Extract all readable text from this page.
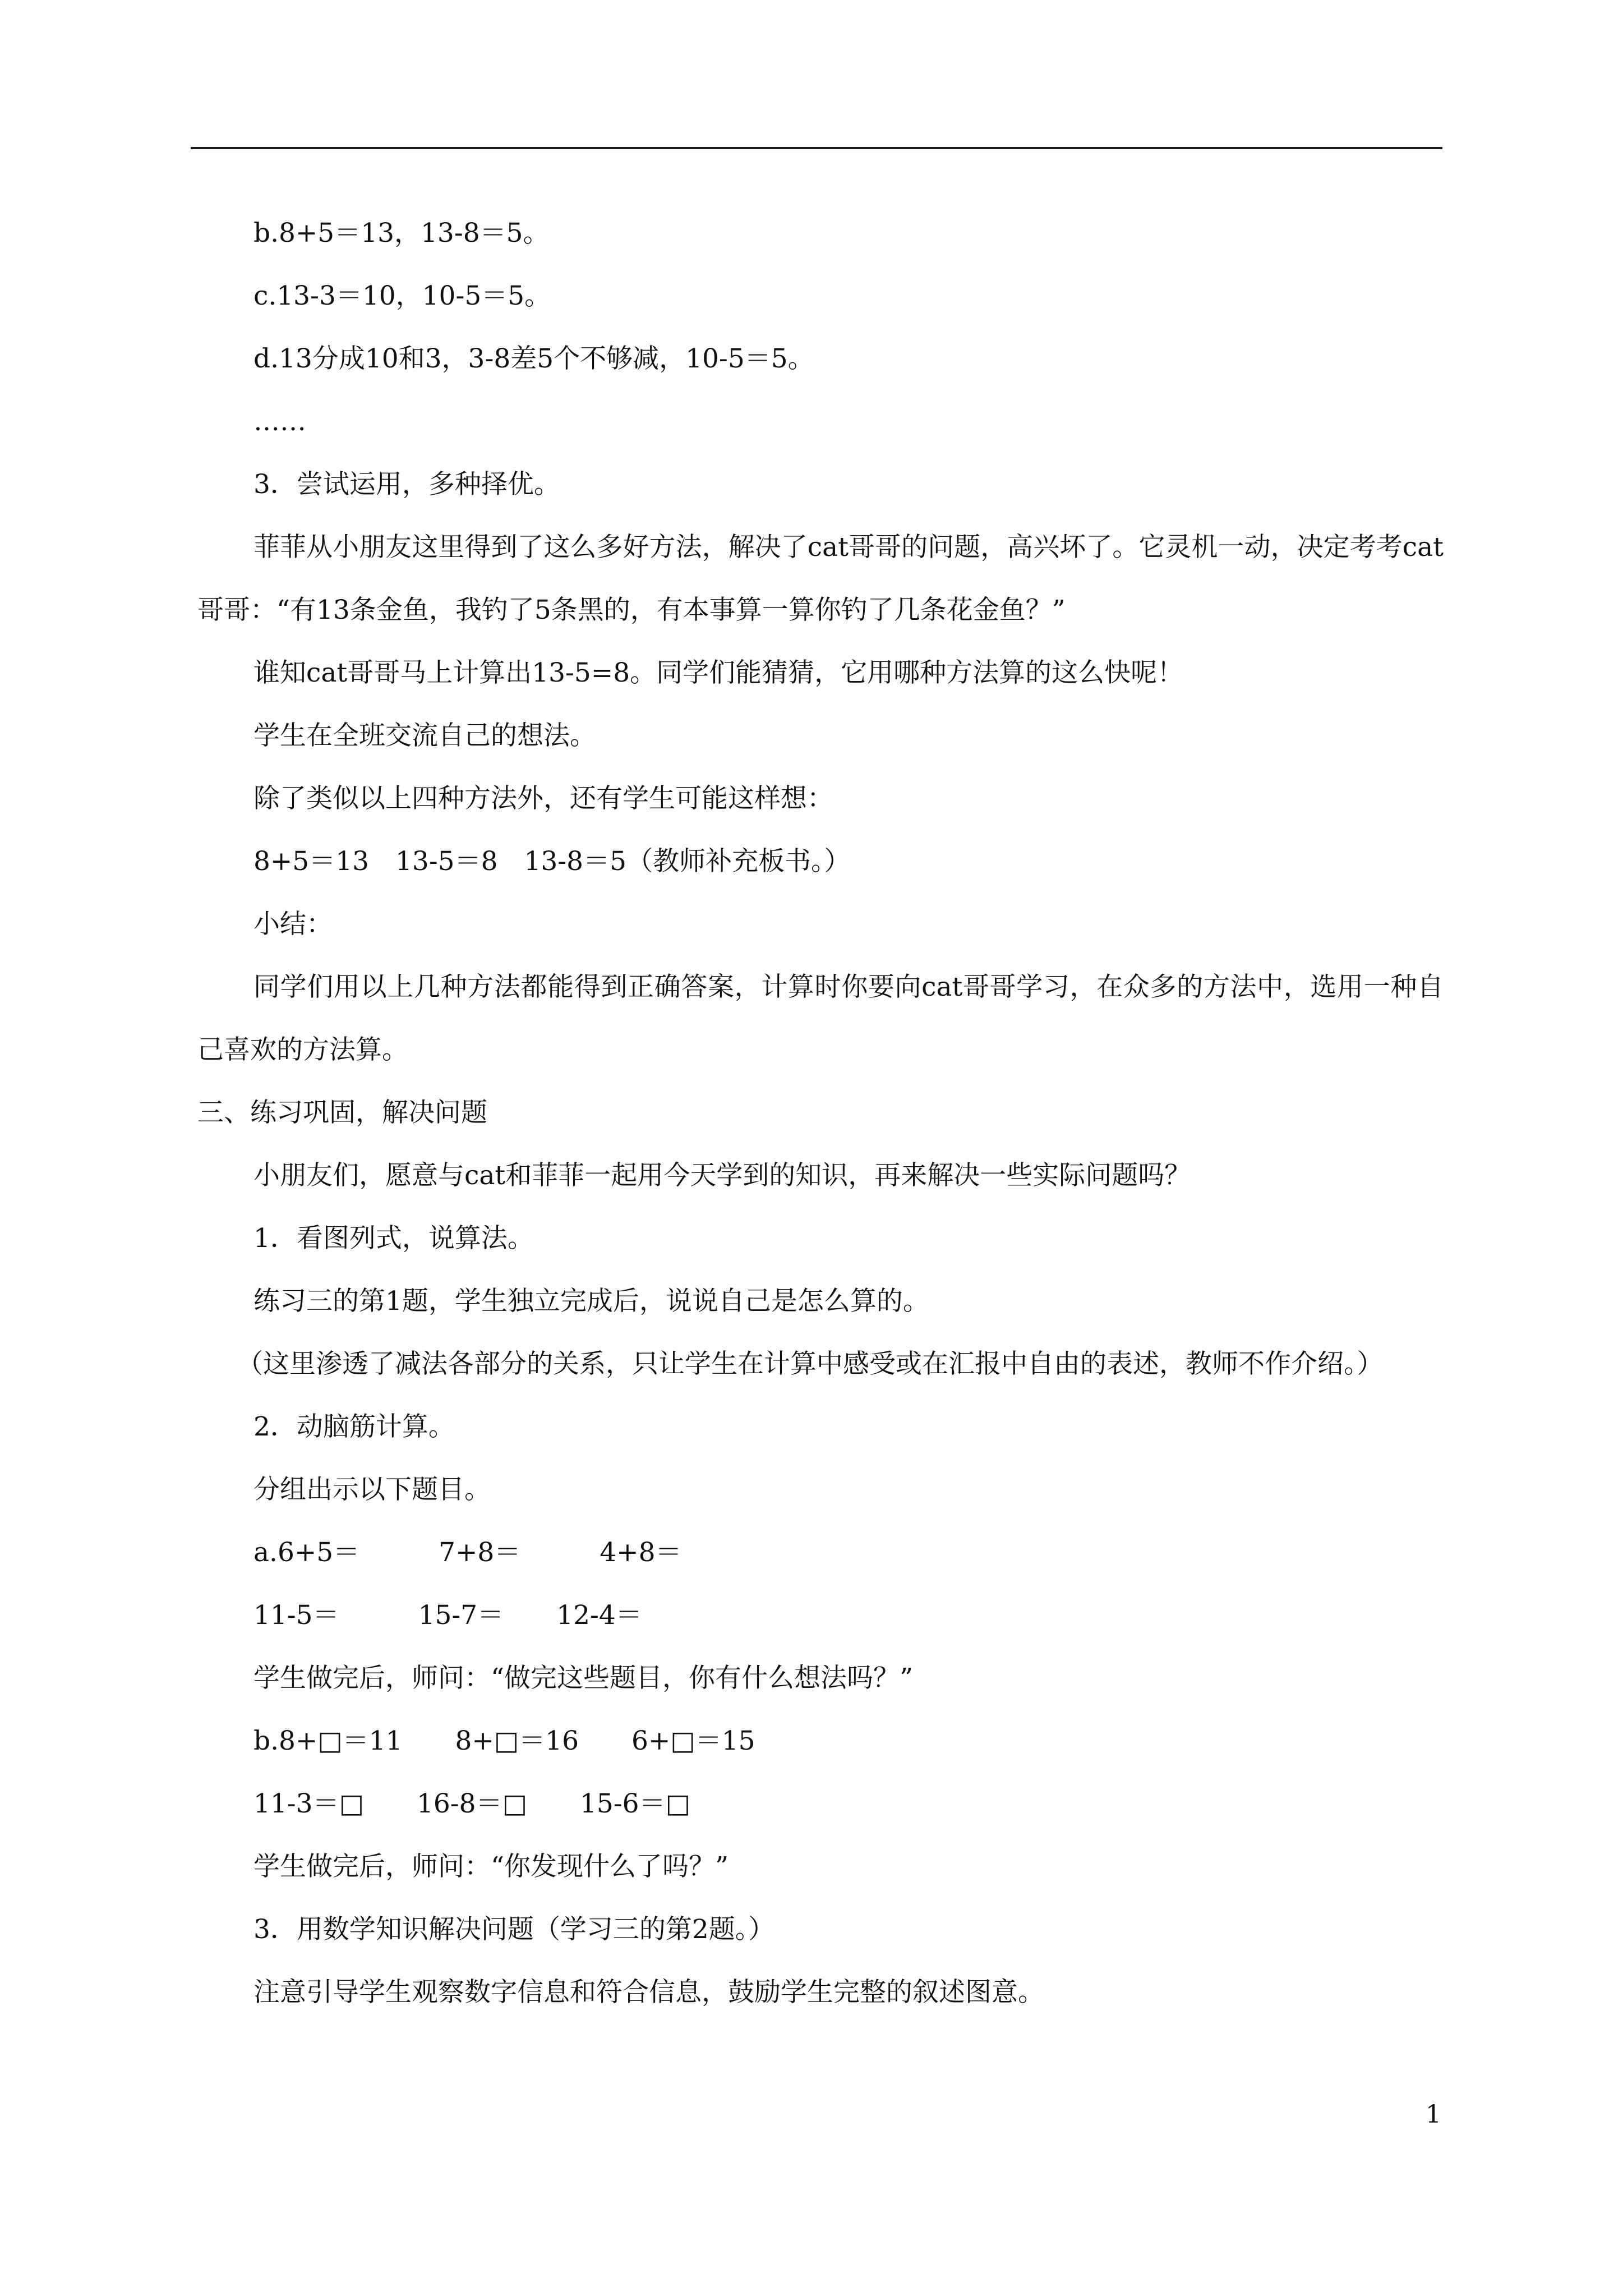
b.8+5＝13，13-8＝5。
c.13-3＝10，10-5＝5。
d.13分成10和3，3-8差5个不够减，10-5＝5。
……
3．尝试运用，多种择优。
菲菲从小朋友这里得到了这么多好方法，解决了cat哥哥的问题，高兴坏了。它灵机一动，决定考考cat哥哥：“有13条金鱼，我钓了5条黑的，有本事算一算你钓了几条花金鱼？”
谁知cat哥哥马上计算出13-5=8。同学们能猜猜，它用哪种方法算的这么快呢！
学生在全班交流自己的想法。
除了类似以上四种方法外，还有学生可能这样想：
8+5＝13　13-5＝8　13-8＝5（教师补充板书。）
小结：
同学们用以上几种方法都能得到正确答案，计算时你要向cat哥哥学习，在众多的方法中，选用一种自己喜欢的方法算。
三、练习巩固，解决问题
小朋友们，愿意与cat和菲菲一起用今天学到的知识，再来解决一些实际问题吗？
1．看图列式，说算法。
练习三的第1题，学生独立完成后，说说自己是怎么算的。
（这里渗透了减法各部分的关系，只让学生在计算中感受或在汇报中自由的表述，教师不作介绍。）
2．动脑筋计算。
分组出示以下题目。
a.6+5＝　　　7+8＝　　　4+8＝
11-5＝　　　15-7＝　　12-4＝
学生做完后，师问：“做完这些题目，你有什么想法吗？”
b.8+□＝11　　8+□＝16　　6+□＝15
11-3＝□　　16-8＝□　　15-6＝□
学生做完后，师问：“你发现什么了吗？”
3．用数学知识解决问题（学习三的第2题。）
注意引导学生观察数字信息和符合信息，鼓励学生完整的叙述图意。
1
